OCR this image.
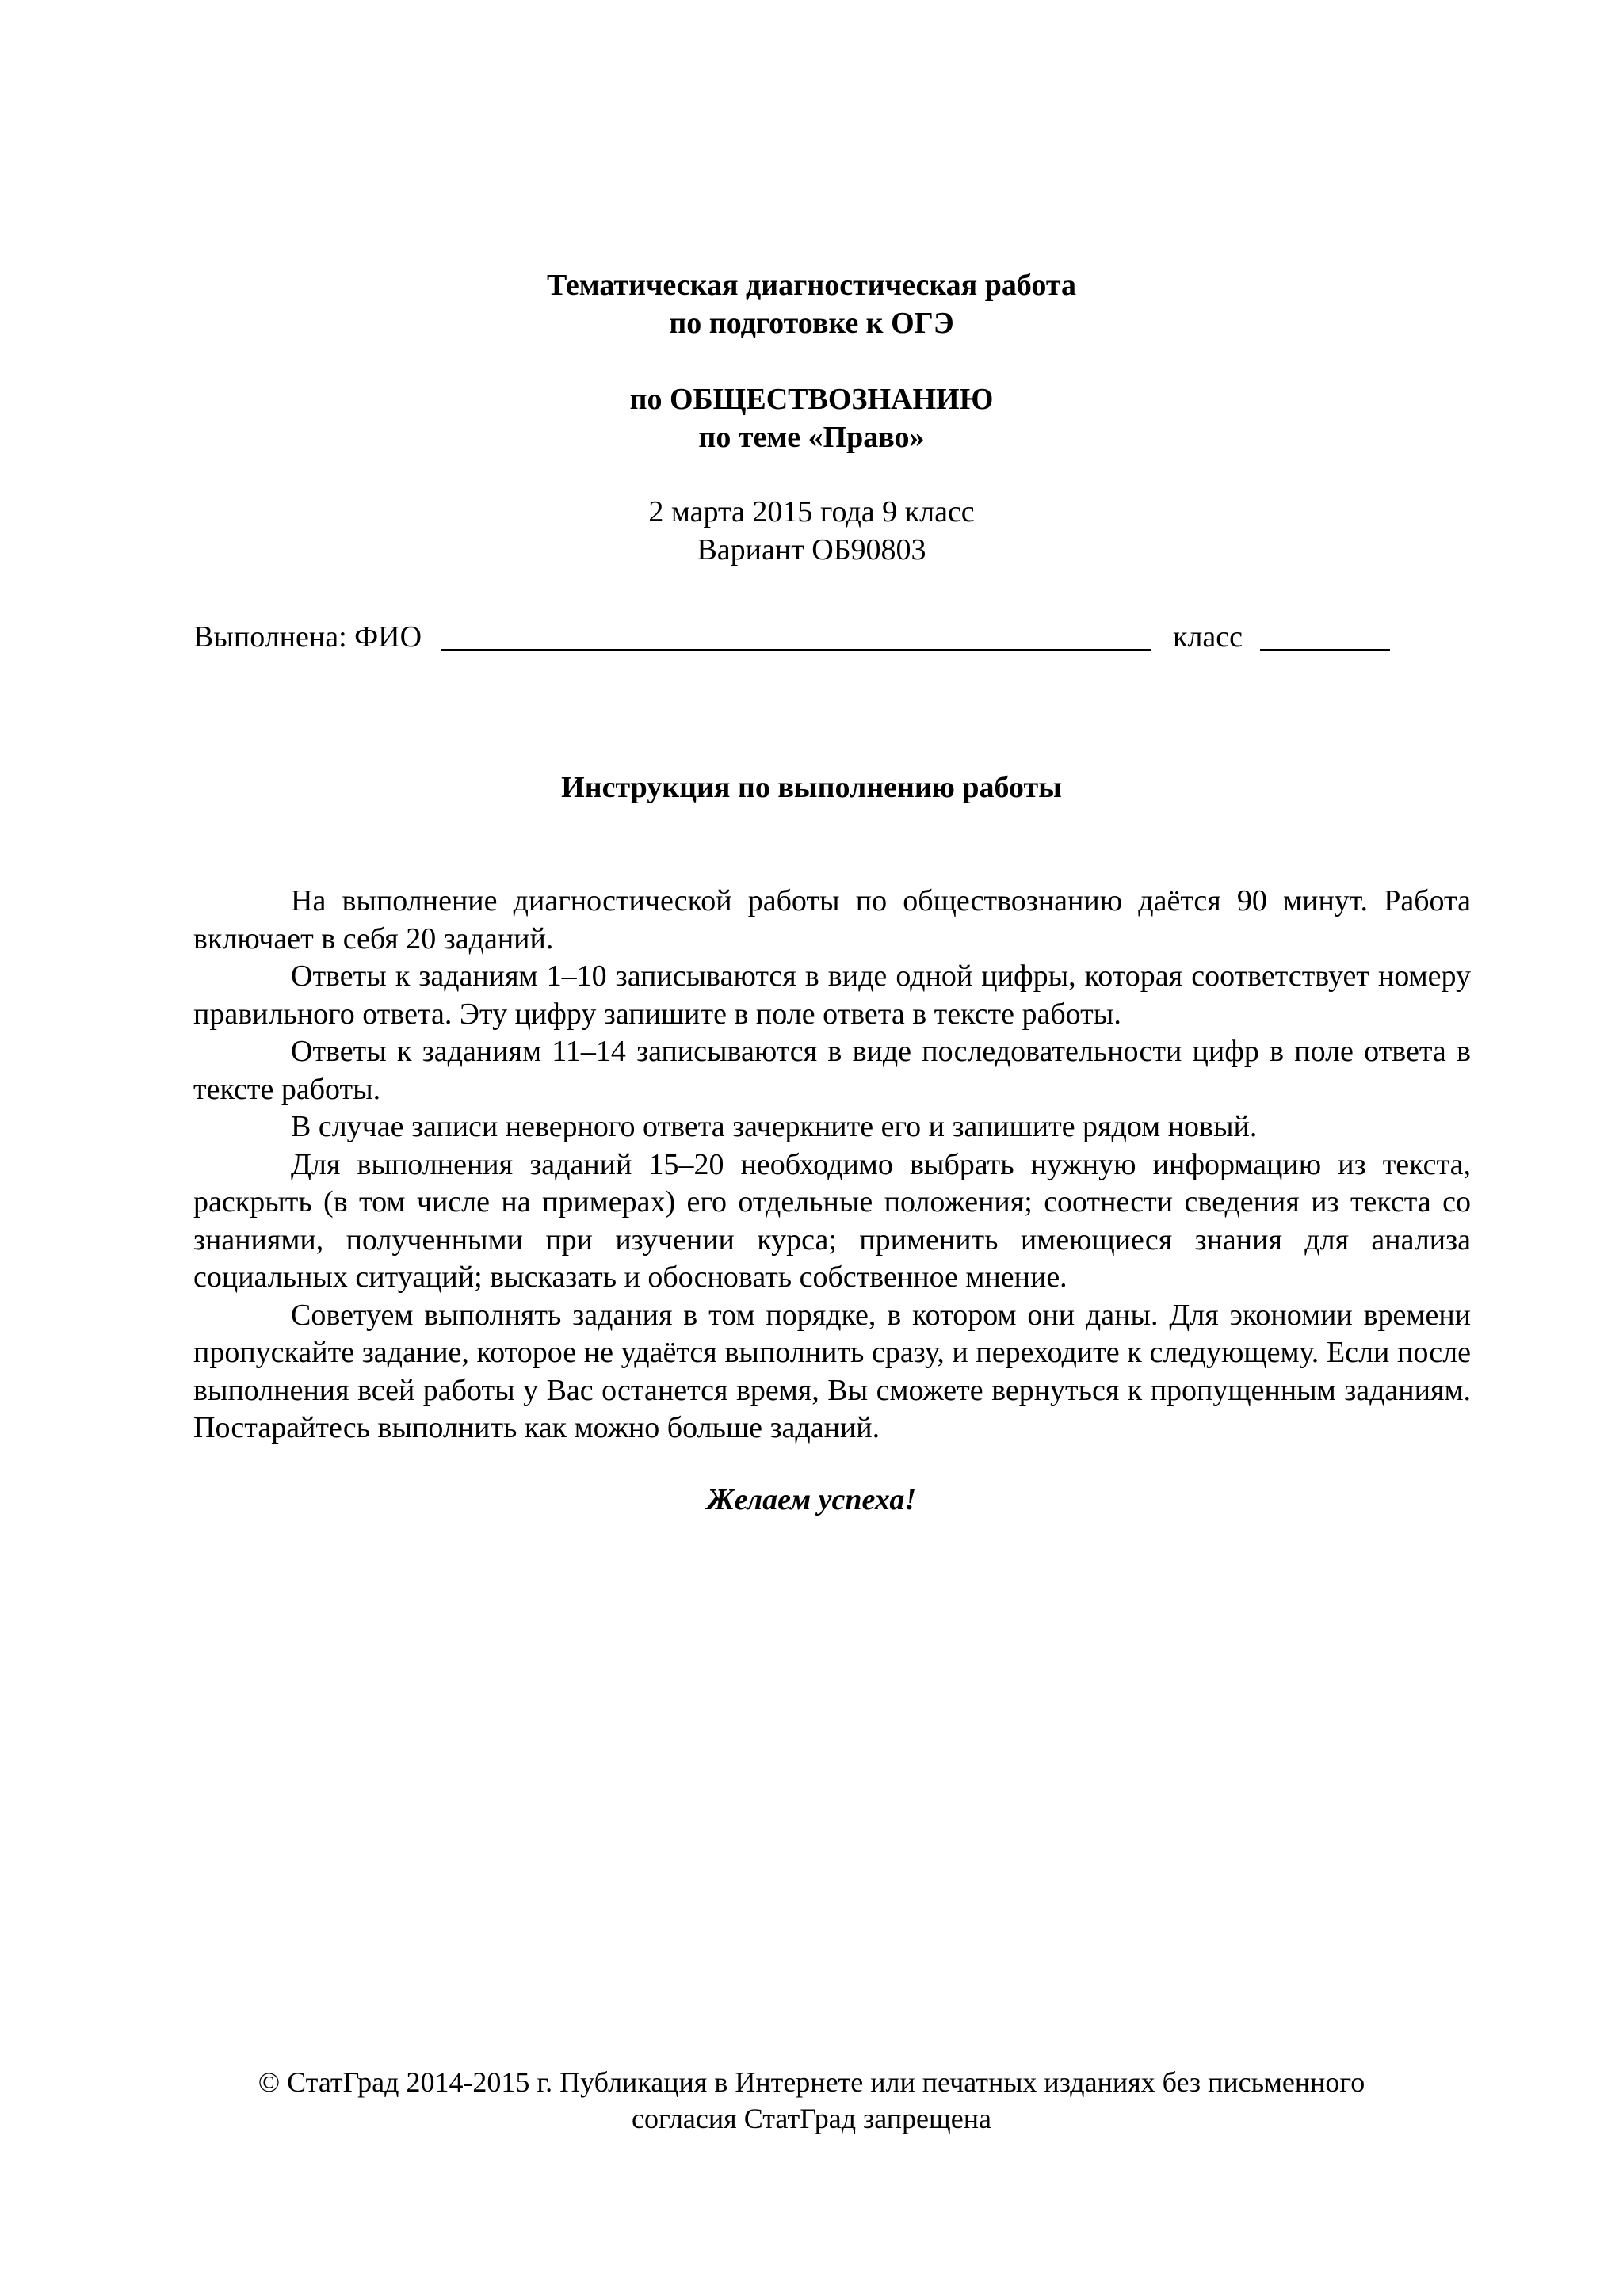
Тематическая диагностическая работа
по подготовке к ОГЭ
по ОБЩЕСТВОЗНАНИЮ
по теме «Право»
2 марта 2015 года 9 класс
Вариант ОБ90803
Выполнена: ФИО	класс
Инструкция по выполнению работы

На выполнение диагностической работы по обществознанию даётся 90 минут. Работа включает в себя 20 заданий.

Ответы к заданиям 1–10 записываются в виде одной цифры, которая соответствует номеру правильного ответа. Эту цифру запишите в поле ответа в тексте работы.

Ответы к заданиям 11–14 записываются в виде последовательности цифр в поле ответа в тексте работы.

В случае записи неверного ответа зачеркните его и запишите рядом новый.

Для выполнения заданий 15–20 необходимо выбрать нужную информацию из текста, раскрыть (в том числе на примерах) его отдельные положения; соотнести сведения из текста со знаниями, полученными при изучении курса; применить имеющиеся знания для анализа социальных ситуаций; высказать и обосновать собственное мнение.

Советуем выполнять задания в том порядке, в котором они даны. Для экономии времени пропускайте задание, которое не удаётся выполнить сразу, и переходите к следующему. Если после выполнения всей работы у Вас останется время, Вы сможете вернуться к пропущенным заданиям. Постарайтесь выполнить как можно больше заданий.

Желаем успеха!
© СтатГрад 2014-2015 г. Публикация в Интернете или печатных изданиях без письменного
согласия СтатГрад запрещена
